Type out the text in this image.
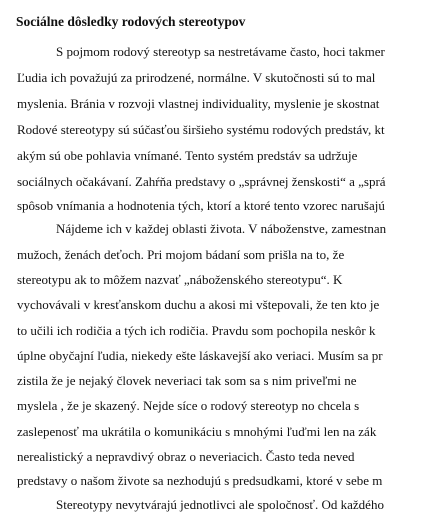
Sociálne dôsledky rodových stereotypov
S pojmom rodový stereotyp sa nestretávame často, hoci takmer
Ľudia ich považujú za prirodzené, normálne. V skutočnosti sú to mal
myslenia. Bránia v rozvoji vlastnej individuality, myslenie je skostnat
Rodové stereotypy sú súčasťou širšieho systému rodových predstáv, kt
akým sú obe pohlavia vnímané. Tento systém predstáv sa udržuje
sociálnych očakávaní. Zahŕňa predstavy o „správnej ženskosti“ a „sprá
spôsob vnímania a hodnotenia tých, ktorí a ktoré tento vzorec narušajú
Nájdeme ich v každej oblasti života. V náboženstve, zamestnan
mužoch, ženách deťoch. Pri mojom bádaní som prišla na to, že
stereotypu ak to môžem nazvať „náboženského stereotypu“. K
vychovávali v kresťanskom duchu a akosi mi vštepovali, že ten kto je
to učili ich rodičia a tých ich rodičia. Pravdu som pochopila neskôr k
úplne obyčajní ľudia, niekedy ešte láskavejší ako veriaci. Musím sa pr
zistila že je nejaký človek neveriaci tak som sa s nim priveľmi ne
myslela , že je skazený. Nejde síce o rodový stereotyp no chcela s
zaslepenosť ma ukrátila o komunikáciu s mnohými ľuďmi len na zák
nerealistický a nepravdivý obraz o neveriacich. Často teda neved
predstavy o našom živote sa nezhodujú s predsudkami, ktoré v sebe m
Stereotypy nevytvárajú jednotlivci ale spoločnosť. Od každého
